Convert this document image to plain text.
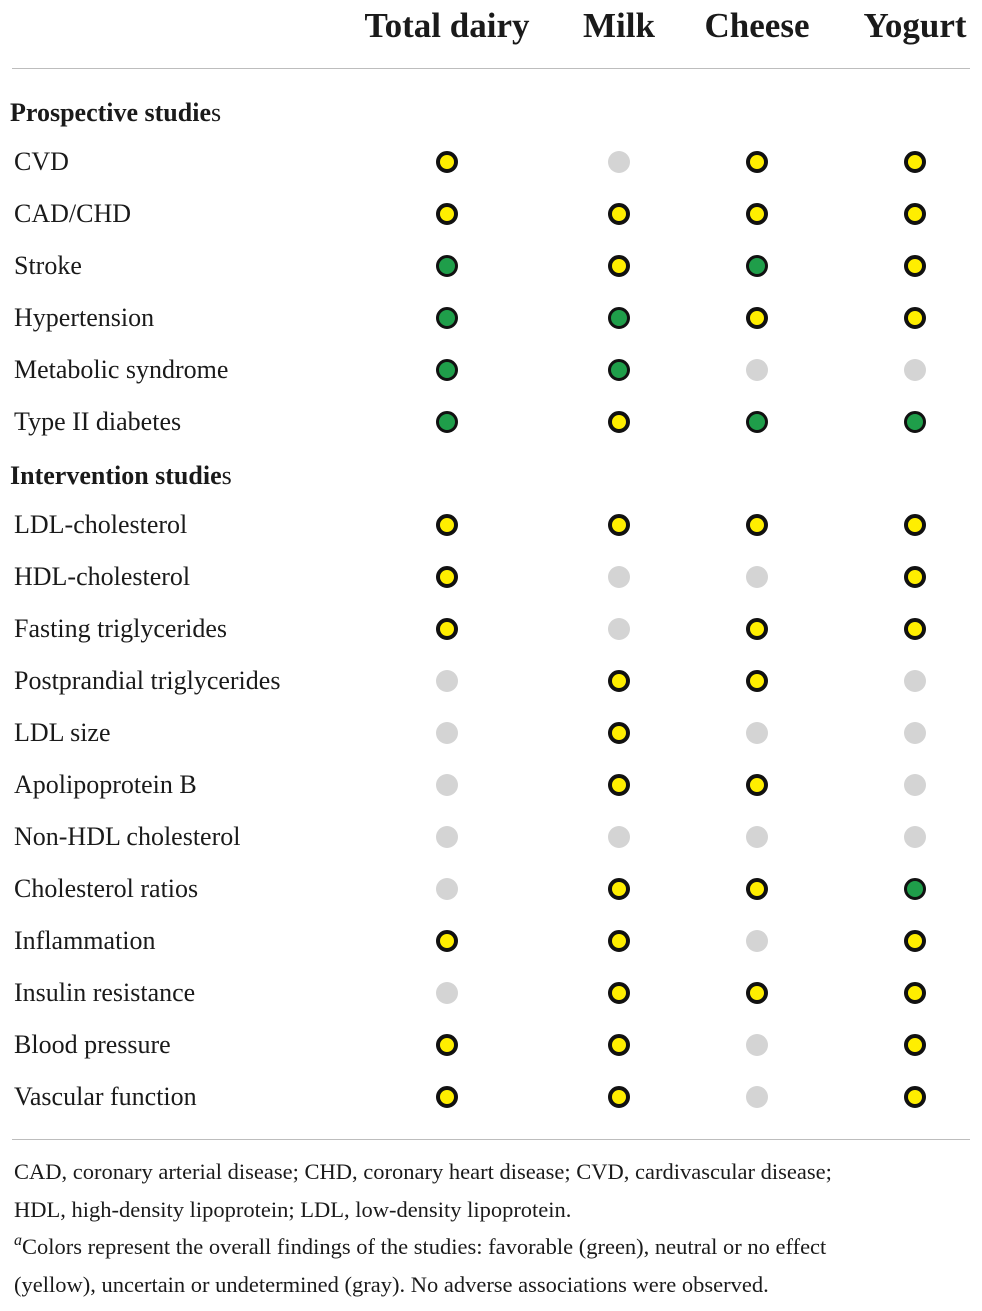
Total dairy Milk Cheese Yogurt
Prospective studies
CVD
CAD/CHD
Stroke
Hypertension
Metabolic syndrome
Type II diabetes
Intervention studies
LDL-cholesterol
HDL-cholesterol
Fasting triglycerides
Postprandial triglycerides
LDL size
Apolipoprotein B
Non-HDL cholesterol
Cholesterol ratios
Inflammation
Insulin resistance
Blood pressure
Vascular function

CAD, coronary arterial disease; CHD, coronary heart disease; CVD, cardivascular disease;
HDL, high-density lipoprotein; LDL, low-density lipoprotein.

$^a$Colors represent the overall findings of the studies: favorable (green), neutral or no effect
(yellow), uncertain or undetermined (gray). No adverse associations were observed.
